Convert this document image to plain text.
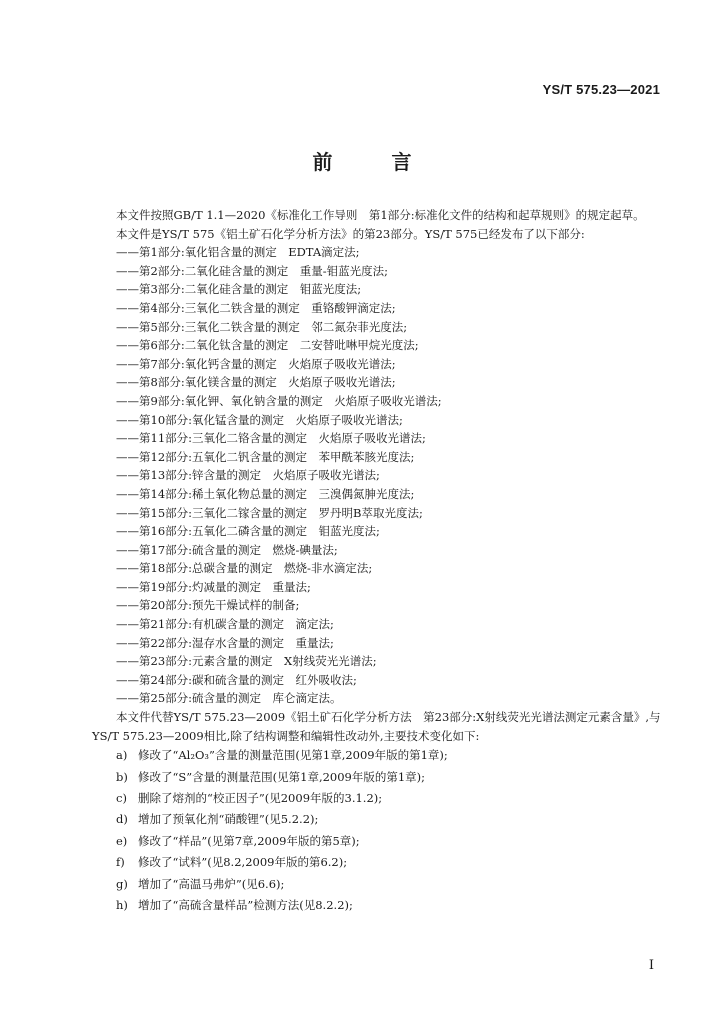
YS/T 575.23—2021
前 言

本文件按照GB/T 1.1—2020《标准化工作导则　第1部分:标准化文件的结构和起草规则》的规定起草。

本文件是YS/T 575《铝土矿石化学分析方法》的第23部分。YS/T 575已经发布了以下部分:

——第1部分:氧化铝含量的测定　EDTA滴定法;

——第2部分:二氧化硅含量的测定　重量-钼蓝光度法;

——第3部分:二氧化硅含量的测定　钼蓝光度法;

——第4部分:三氧化二铁含量的测定　重铬酸钾滴定法;

——第5部分:三氧化二铁含量的测定　邻二氮杂菲光度法;

——第6部分:二氧化钛含量的测定　二安替吡啉甲烷光度法;

——第7部分:氧化钙含量的测定　火焰原子吸收光谱法;

——第8部分:氧化镁含量的测定　火焰原子吸收光谱法;

——第9部分:氧化钾、氧化钠含量的测定　火焰原子吸收光谱法;

——第10部分:氧化锰含量的测定　火焰原子吸收光谱法;

——第11部分:三氧化二铬含量的测定　火焰原子吸收光谱法;

——第12部分:五氧化二钒含量的测定　苯甲酰苯胲光度法;

——第13部分:锌含量的测定　火焰原子吸收光谱法;

——第14部分:稀土氧化物总量的测定　三溴偶氮胂光度法;

——第15部分:三氧化二镓含量的测定　罗丹明B萃取光度法;

——第16部分:五氧化二磷含量的测定　钼蓝光度法;

——第17部分:硫含量的测定　燃烧-碘量法;

——第18部分:总碳含量的测定　燃烧-非水滴定法;

——第19部分:灼减量的测定　重量法;

——第20部分:预先干燥试样的制备;

——第21部分:有机碳含量的测定　滴定法;

——第22部分:湿存水含量的测定　重量法;

——第23部分:元素含量的测定　X射线荧光光谱法;

——第24部分:碳和硫含量的测定　红外吸收法;

——第25部分:硫含量的测定　库仑滴定法。

本文件代替YS/T 575.23—2009《铝土矿石化学分析方法　第23部分:X射线荧光光谱法测定元素含量》,与YS/T 575.23—2009相比,除了结构调整和编辑性改动外,主要技术变化如下:

a) 修改了“Al₂O₃”含量的测量范围(见第1章,2009年版的第1章);

b) 修改了“S”含量的测量范围(见第1章,2009年版的第1章);

c) 删除了熔剂的“校正因子”(见2009年版的3.1.2);

d) 增加了预氧化剂“硝酸锂”(见5.2.2);

e) 修改了“样品”(见第7章,2009年版的第5章);

f) 修改了“试料”(见8.2,2009年版的第6.2);

g) 增加了“高温马弗炉”(见6.6);

h) 增加了“高硫含量样品”检测方法(见8.2.2);

I
